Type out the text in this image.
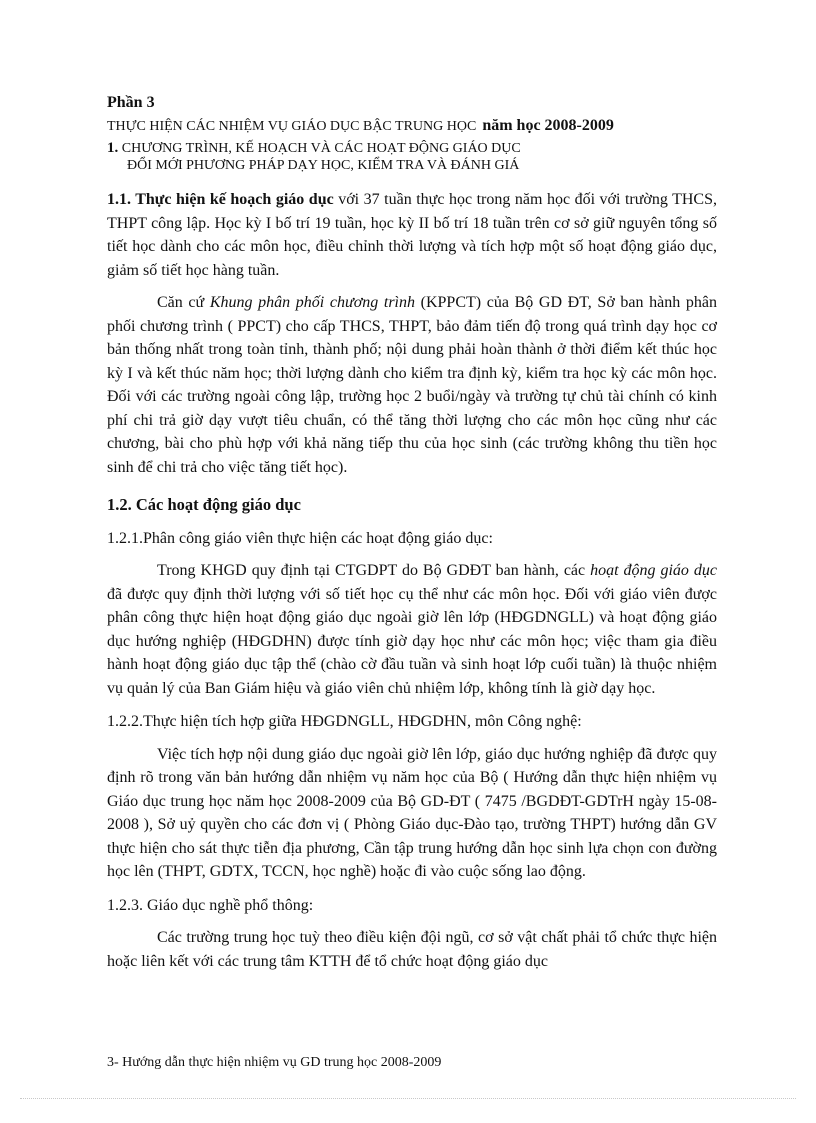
Phần 3
THỰC HIỆN CÁC NHIỆM VỤ GIÁO DỤC BẬC TRUNG HỌC năm học 2008-2009
1. CHƯƠNG TRÌNH, KẾ HOẠCH VÀ CÁC HOẠT ĐỘNG GIÁO DỤC
ĐỔI MỚI PHƯƠNG PHÁP DẠY HỌC, KIỂM TRA VÀ ĐÁNH GIÁ

1.1. Thực hiện kế hoạch giáo dục với 37 tuần thực học trong năm học đối với trường THCS, THPT công lập. Học kỳ I bố trí 19 tuần, học kỳ II bố trí 18 tuần trên cơ sở giữ nguyên tổng số tiết học dành cho các môn học, điều chỉnh thời lượng và tích hợp một số hoạt động giáo dục, giảm số tiết học hàng tuần.

Căn cứ Khung phân phối chương trình (KPPCT) của Bộ GD ĐT, Sở ban hành phân phối chương trình ( PPCT) cho cấp THCS, THPT, bảo đảm tiến độ trong quá trình dạy học cơ bản thống nhất trong toàn tỉnh, thành phố; nội dung phải hoàn thành ở thời điểm kết thúc học kỳ I và kết thúc năm học; thời lượng dành cho kiểm tra định kỳ, kiểm tra học kỳ các môn học. Đối với các trường ngoài công lập, trường học 2 buổi/ngày và trường tự chủ tài chính có kinh phí chi trả giờ dạy vượt tiêu chuẩn, có thể tăng thời lượng cho các môn học cũng như các chương, bài cho phù hợp với khả năng tiếp thu của học sinh (các trường không thu tiền học sinh để chi trả cho việc tăng tiết học).

1.2. Các hoạt động giáo dục

1.2.1.Phân công giáo viên thực hiện các hoạt động giáo dục:

Trong KHGD quy định tại CTGDPT do Bộ GDĐT ban hành, các hoạt động giáo dục đã được quy định thời lượng với số tiết học cụ thể như các môn học. Đối với giáo viên được phân công thực hiện hoạt động giáo dục ngoài giờ lên lớp (HĐGDNGLL) và hoạt động giáo dục hướng nghiệp (HĐGDHN) được tính giờ dạy học như các môn học; việc tham gia điều hành hoạt động giáo dục tập thể (chào cờ đầu tuần và sinh hoạt lớp cuối tuần) là thuộc nhiệm vụ quản lý của Ban Giám hiệu và giáo viên chủ nhiệm lớp, không tính là giờ dạy học.

1.2.2.Thực hiện tích hợp giữa HĐGDNGLL, HĐGDHN, môn Công nghệ:

Việc tích hợp nội dung giáo dục ngoài giờ lên lớp, giáo dục hướng nghiệp đã được quy định rõ trong văn bản hướng dẫn nhiệm vụ năm học của Bộ ( Hướng dẫn thực hiện nhiệm vụ Giáo dục trung học năm học 2008-2009 của Bộ GD-ĐT ( 7475 /BGDĐT-GDTrH ngày 15-08-2008 ), Sở uỷ quyền cho các đơn vị ( Phòng Giáo dục-Đào tạo, trường THPT) hướng dẫn GV thực hiện cho sát thực tiễn địa phương, Cần tập trung hướng dẫn học sinh lựa chọn con đường học lên (THPT, GDTX, TCCN, học nghề) hoặc đi vào cuộc sống lao động.

1.2.3. Giáo dục nghề phổ thông:

Các trường trung học tuỳ theo điều kiện đội ngũ, cơ sở vật chất phải tổ chức thực hiện hoặc liên kết với các trung tâm KTTH để tổ chức hoạt động giáo dục

3- Hướng dẫn thực hiện nhiệm vụ GD trung học 2008-2009
